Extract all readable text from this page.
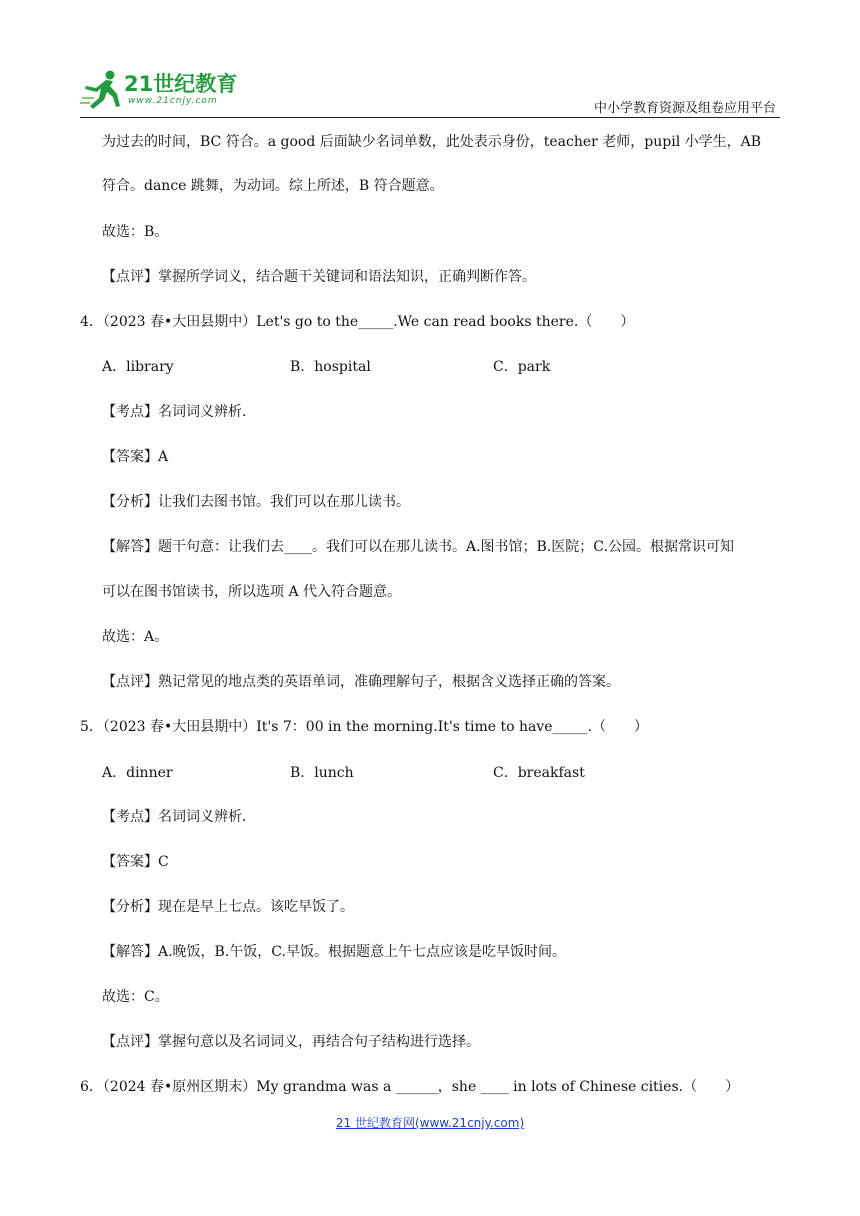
21世纪教育
www.21cnjy.com	中小学教育资源及组卷应用平台
为过去的时间，BC 符合。a good 后面缺少名词单数，此处表示身份，teacher 老师，pupil 小学生，AB
符合。dance 跳舞，为动词。综上所述，B 符合题意。
故选：B。
【点评】掌握所学词义，结合题干关键词和语法知识，正确判断作答。
4．（2023 春•大田县期中）Let's go to the_____.We can read books there.（　　）
A．library	B．hospital	C．park
【考点】名词词义辨析．
【答案】A
【分析】让我们去图书馆。我们可以在那儿读书。
【解答】题干句意：让我们去____。我们可以在那儿读书。A.图书馆；B.医院；C.公园。根据常识可知
可以在图书馆读书，所以选项 A 代入符合题意。
故选：A。
【点评】熟记常见的地点类的英语单词，准确理解句子，根据含义选择正确的答案。
5．（2023 春•大田县期中）It's 7：00 in the morning.It's time to have_____.（　　）
A．dinner	B．lunch	C．breakfast
【考点】名词词义辨析．
【答案】C
【分析】现在是早上七点。该吃早饭了。
【解答】A.晚饭，B.午饭，C.早饭。根据题意上午七点应该是吃早饭时间。
故选：C。
【点评】掌握句意以及名词词义，再结合句子结构进行选择。
6．（2024 春•原州区期末）My grandma was a ______，she ____ in lots of Chinese cities.（　　）
21 世纪教育网(www.21cnjy.com)
